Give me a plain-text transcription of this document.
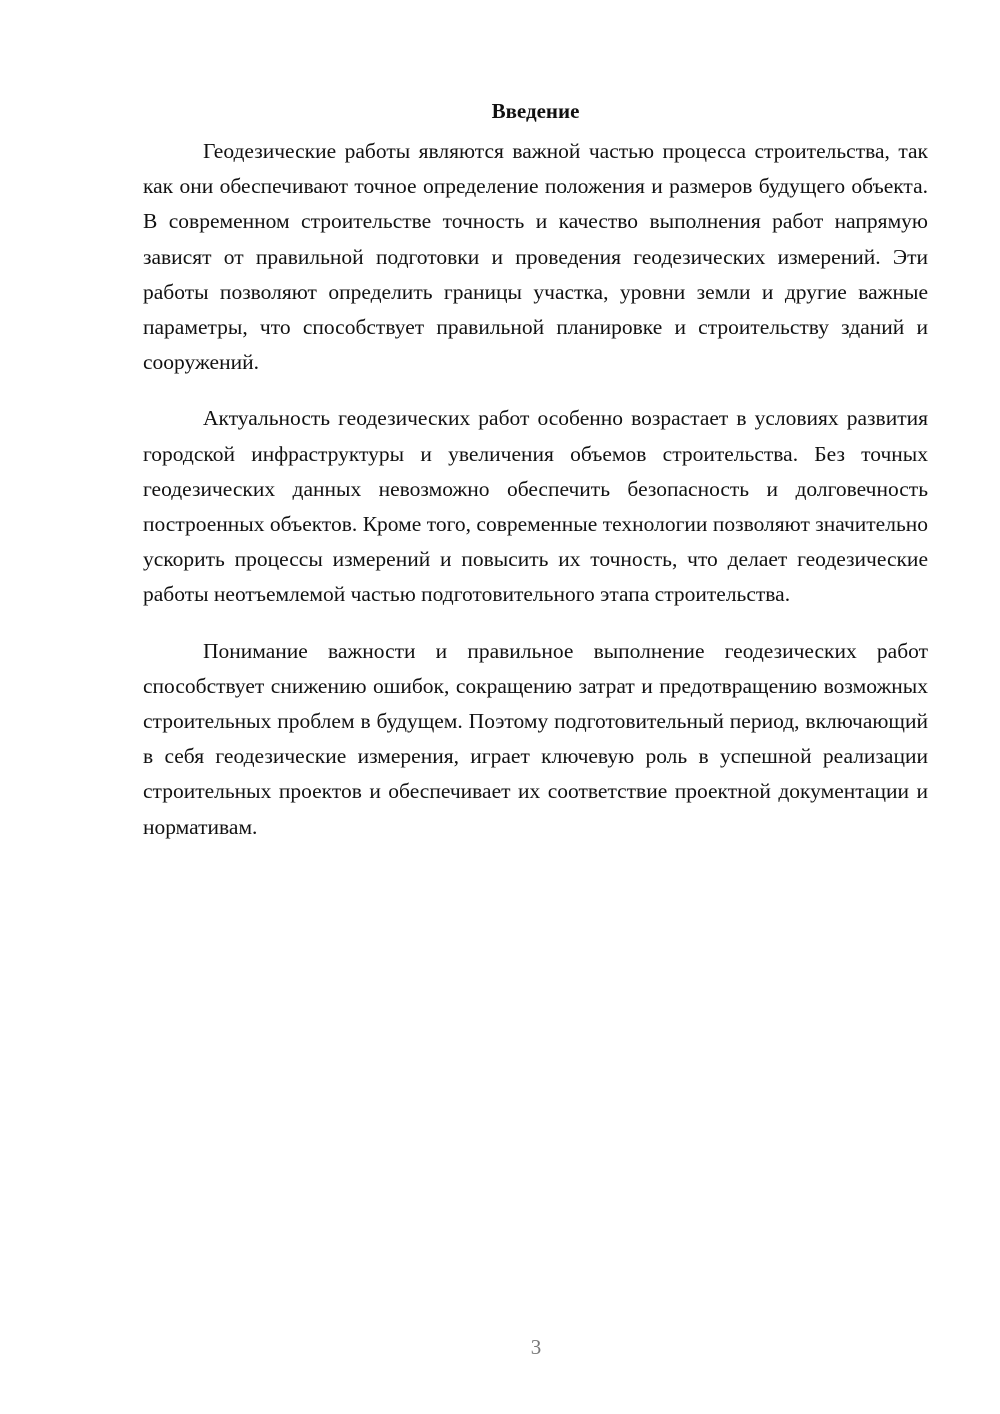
Введение

Геодезические работы являются важной частью процесса строительства, так как они обеспечивают точное определение положения и размеров будущего объекта. В современном строительстве точность и качество выполнения работ напрямую зависят от правильной подготовки и проведения геодезических измерений. Эти работы позволяют определить границы участка, уровни земли и другие важные параметры, что способствует правильной планировке и строительству зданий и сооружений.

Актуальность геодезических работ особенно возрастает в условиях развития городской инфраструктуры и увеличения объемов строительства. Без точных геодезических данных невозможно обеспечить безопасность и долговечность построенных объектов. Кроме того, современные технологии позволяют значительно ускорить процессы измерений и повысить их точность, что делает геодезические работы неотъемлемой частью подготовительного этапа строительства.

Понимание важности и правильное выполнение геодезических работ способствует снижению ошибок, сокращению затрат и предотвращению возможных строительных проблем в будущем. Поэтому подготовительный период, включающий в себя геодезические измерения, играет ключевую роль в успешной реализации строительных проектов и обеспечивает их соответствие проектной документации и нормативам.

3
